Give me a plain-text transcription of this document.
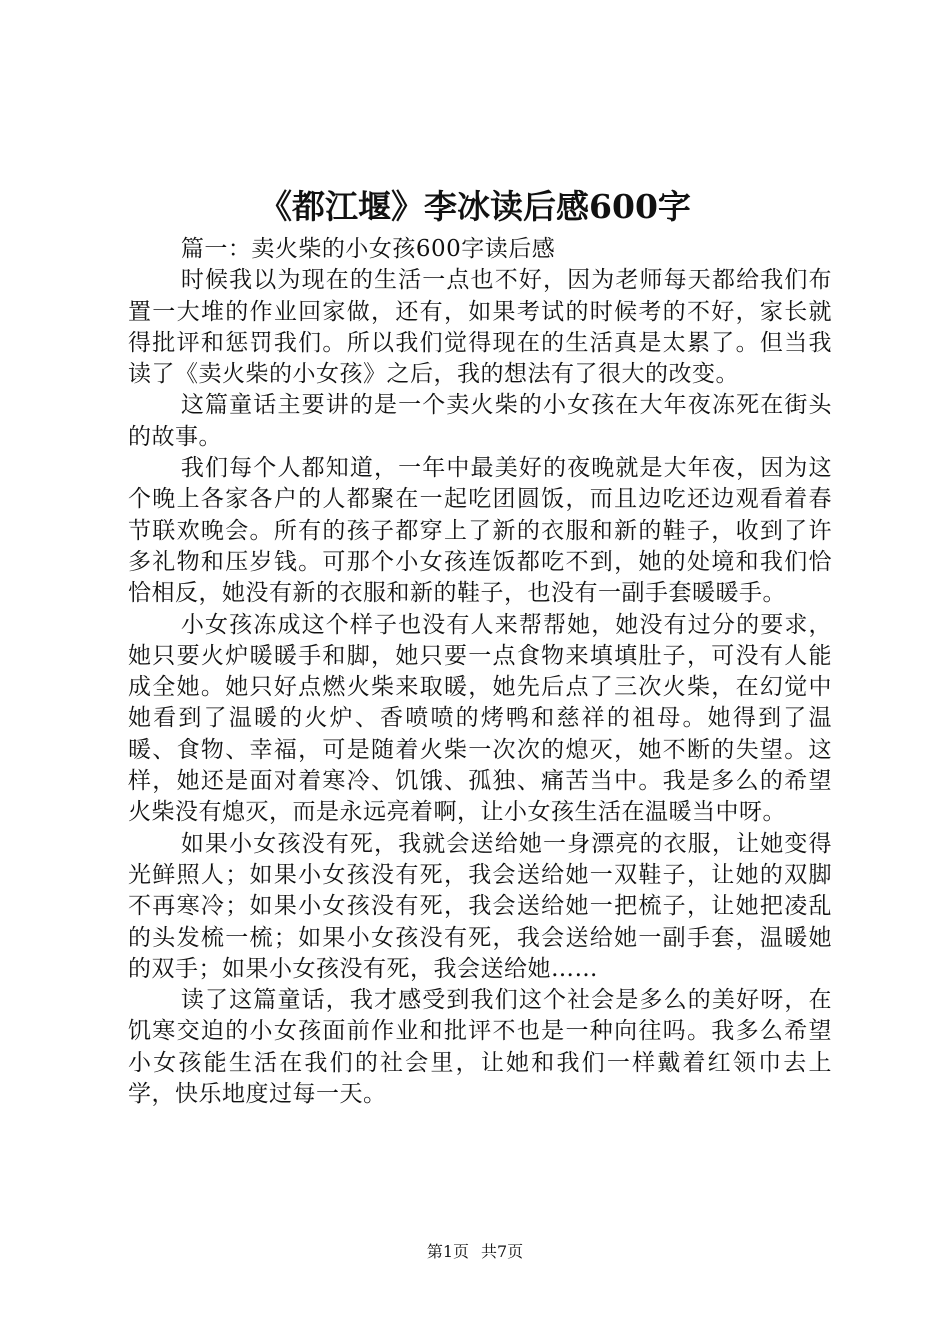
《都江堰》李冰读后感600字

篇一：卖火柴的小女孩600字读后感

时候我以为现在的生活一点也不好，因为老师每天都给我们布置一大堆的作业回家做，还有，如果考试的时候考的不好，家长就得批评和惩罚我们。所以我们觉得现在的生活真是太累了。但当我读了《卖火柴的小女孩》之后，我的想法有了很大的改变。

这篇童话主要讲的是一个卖火柴的小女孩在大年夜冻死在街头的故事。

我们每个人都知道，一年中最美好的夜晚就是大年夜，因为这个晚上各家各户的人都聚在一起吃团圆饭，而且边吃还边观看着春节联欢晚会。所有的孩子都穿上了新的衣服和新的鞋子，收到了许多礼物和压岁钱。可那个小女孩连饭都吃不到，她的处境和我们恰恰相反，她没有新的衣服和新的鞋子，也没有一副手套暖暖手。

小女孩冻成这个样子也没有人来帮帮她，她没有过分的要求，她只要火炉暖暖手和脚，她只要一点食物来填填肚子，可没有人能成全她。她只好点燃火柴来取暖，她先后点了三次火柴，在幻觉中她看到了温暖的火炉、香喷喷的烤鸭和慈祥的祖母。她得到了温暖、食物、幸福，可是随着火柴一次次的熄灭，她不断的失望。这样，她还是面对着寒冷、饥饿、孤独、痛苦当中。我是多么的希望火柴没有熄灭，而是永远亮着啊，让小女孩生活在温暖当中呀。

如果小女孩没有死，我就会送给她一身漂亮的衣服，让她变得光鲜照人；如果小女孩没有死，我会送给她一双鞋子，让她的双脚不再寒冷；如果小女孩没有死，我会送给她一把梳子，让她把凌乱的头发梳一梳；如果小女孩没有死，我会送给她一副手套，温暖她的双手；如果小女孩没有死，我会送给她……

读了这篇童话，我才感受到我们这个社会是多么的美好呀，在饥寒交迫的小女孩面前作业和批评不也是一种向往吗。我多么希望小女孩能生活在我们的社会里，让她和我们一样戴着红领巾去上学，快乐地度过每一天。

第1页 共7页
